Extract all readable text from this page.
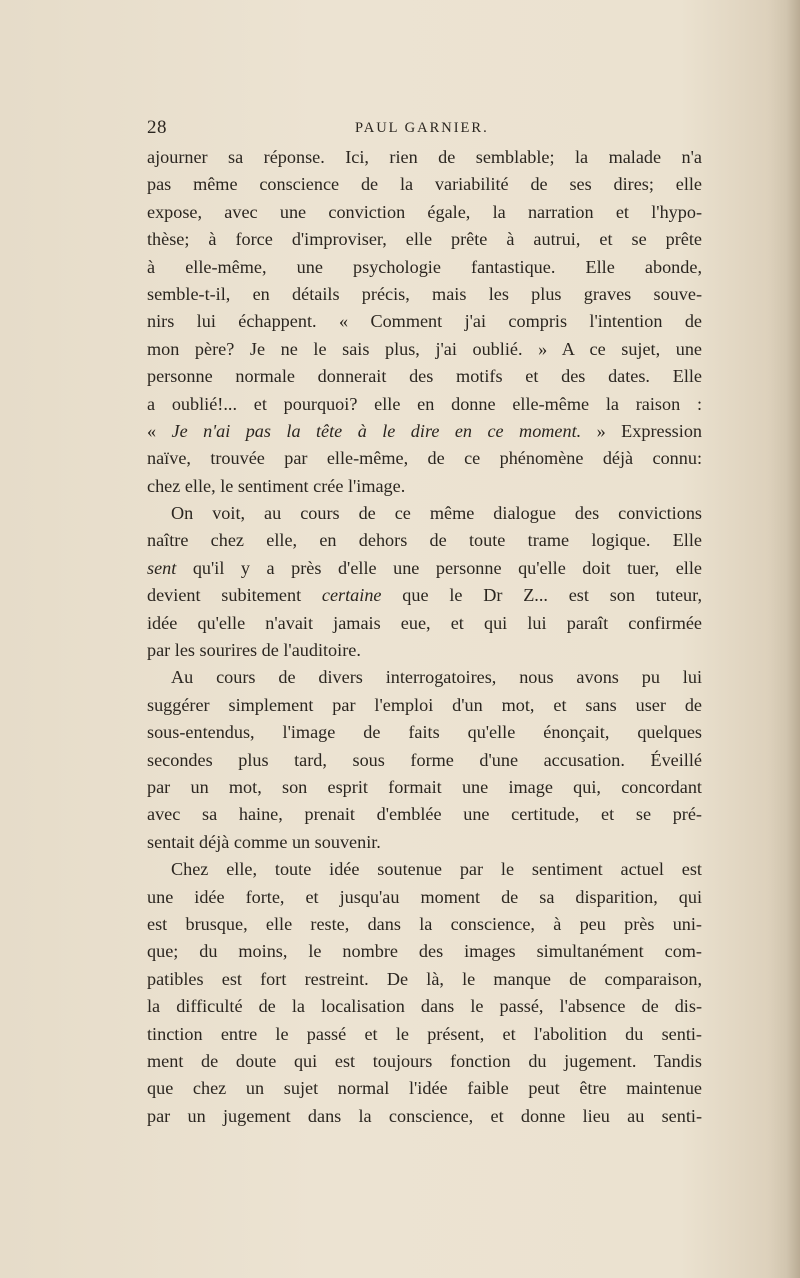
28	PAUL GARNIER.
ajourner sa réponse. Ici, rien de semblable; la malade n'a
pas même conscience de la variabilité de ses dires; elle
expose, avec une conviction égale, la narration et l'hypo-
thèse; à force d'improviser, elle prête à autrui, et se prête
à elle-même, une psychologie fantastique. Elle abonde,
semble-t-il, en détails précis, mais les plus graves souve-
nirs lui échappent. « Comment j'ai compris l'intention de
mon père? Je ne le sais plus, j'ai oublié. » A ce sujet, une
personne normale donnerait des motifs et des dates. Elle
a oublié!... et pourquoi? elle en donne elle-même la raison :
« Je n'ai pas la tête à le dire en ce moment. » Expression
naïve, trouvée par elle-même, de ce phénomène déjà connu:
chez elle, le sentiment crée l'image.
On voit, au cours de ce même dialogue des convictions
naître chez elle, en dehors de toute trame logique. Elle
sent qu'il y a près d'elle une personne qu'elle doit tuer, elle
devient subitement certaine que le Dr Z... est son tuteur,
idée qu'elle n'avait jamais eue, et qui lui paraît confirmée
par les sourires de l'auditoire.
Au cours de divers interrogatoires, nous avons pu lui
suggérer simplement par l'emploi d'un mot, et sans user de
sous-entendus, l'image de faits qu'elle énonçait, quelques
secondes plus tard, sous forme d'une accusation. Éveillé
par un mot, son esprit formait une image qui, concordant
avec sa haine, prenait d'emblée une certitude, et se pré-
sentait déjà comme un souvenir.
Chez elle, toute idée soutenue par le sentiment actuel est
une idée forte, et jusqu'au moment de sa disparition, qui
est brusque, elle reste, dans la conscience, à peu près uni-
que; du moins, le nombre des images simultanément com-
patibles est fort restreint. De là, le manque de comparaison,
la difficulté de la localisation dans le passé, l'absence de dis-
tinction entre le passé et le présent, et l'abolition du senti-
ment de doute qui est toujours fonction du jugement. Tandis
que chez un sujet normal l'idée faible peut être maintenue
par un jugement dans la conscience, et donne lieu au senti-
